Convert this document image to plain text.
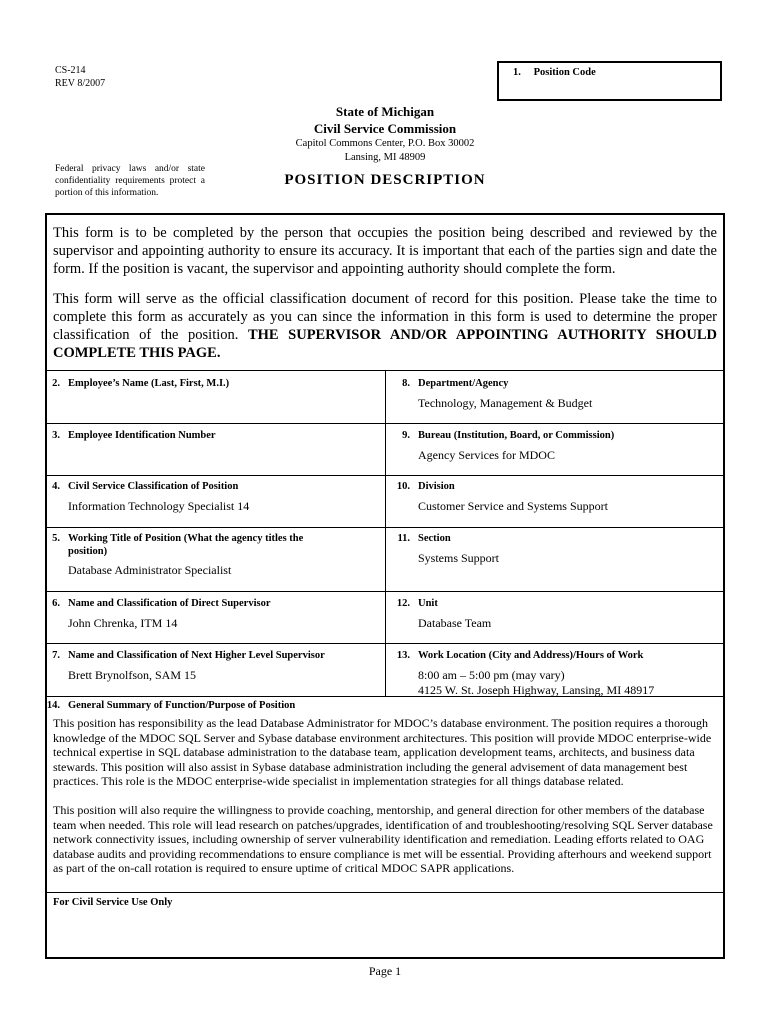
CS-214
REV 8/2007
1. Position Code
State of Michigan
Civil Service Commission
Capitol Commons Center, P.O. Box 30002
Lansing, MI 48909
Federal privacy laws and/or state confidentiality requirements protect a portion of this information.
POSITION DESCRIPTION

This form is to be completed by the person that occupies the position being described and reviewed by the supervisor and appointing authority to ensure its accuracy. It is important that each of the parties sign and date the form. If the position is vacant, the supervisor and appointing authority should complete the form.

This form will serve as the official classification document of record for this position. Please take the time to complete this form as accurately as you can since the information in this form is used to determine the proper classification of the position. THE SUPERVISOR AND/OR APPOINTING AUTHORITY SHOULD COMPLETE THIS PAGE.

2. Employee’s Name (Last, First, M.I.)
3. Employee Identification Number
4. Civil Service Classification of Position
Information Technology Specialist 14
5. Working Title of Position (What the agency titles the position)
Database Administrator Specialist
6. Name and Classification of Direct Supervisor
John Chrenka, ITM 14
7. Name and Classification of Next Higher Level Supervisor
Brett Brynolfson, SAM 15
8. Department/Agency
Technology, Management & Budget
9. Bureau (Institution, Board, or Commission)
Agency Services for MDOC
10. Division
Customer Service and Systems Support
11. Section
Systems Support
12. Unit
Database Team
13. Work Location (City and Address)/Hours of Work
8:00 am – 5:00 pm (may vary)
4125 W. St. Joseph Highway, Lansing, MI 48917
14. General Summary of Function/Purpose of Position

This position has responsibility as the lead Database Administrator for MDOC’s database environment. The position requires a thorough knowledge of the MDOC SQL Server and Sybase database environment architectures. This position will provide MDOC enterprise-wide technical expertise in SQL database administration to the database team, application development teams, architects, and business data stewards. This position will also assist in Sybase database administration including the general advisement of data management best practices. This role is the MDOC enterprise-wide specialist in implementation strategies for all things database related.

This position will also require the willingness to provide coaching, mentorship, and general direction for other members of the database team when needed. This role will lead research on patches/upgrades, identification of and troubleshooting/resolving SQL Server database network connectivity issues, including ownership of server vulnerability identification and remediation. Leading efforts related to OAG database audits and providing recommendations to ensure compliance is met will be essential. Providing afterhours and weekend support as part of the on-call rotation is required to ensure uptime of critical MDOC SAPR applications.

For Civil Service Use Only
Page 1
